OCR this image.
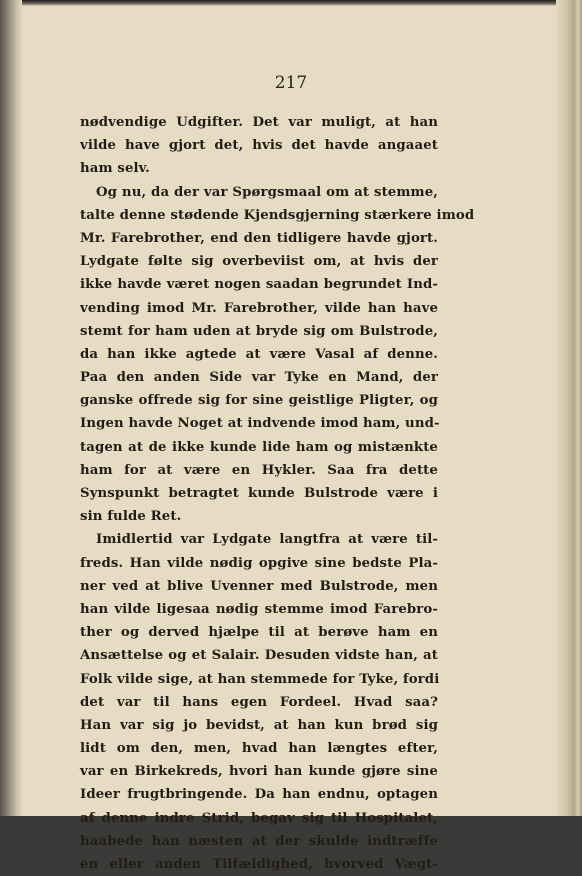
217
nødvendige Udgifter. Det var muligt, at han
vilde have gjort det, hvis det havde angaaet
ham selv.
Og nu, da der var Spørgsmaal om at stemme,
talte denne stødende Kjendsgjerning stærkere imod
Mr. Farebrother, end den tidligere havde gjort.
Lydgate følte sig overbeviist om, at hvis der
ikke havde været nogen saadan begrundet Ind-
vending imod Mr. Farebrother, vilde han have
stemt for ham uden at bryde sig om Bulstrode,
da han ikke agtede at være Vasal af denne.
Paa den anden Side var Tyke en Mand, der
ganske offrede sig for sine geistlige Pligter, og
Ingen havde Noget at indvende imod ham, und-
tagen at de ikke kunde lide ham og mistænkte
ham for at være en Hykler. Saa fra dette
Synspunkt betragtet kunde Bulstrode være i
sin fulde Ret.
Imidlertid var Lydgate langtfra at være til-
freds. Han vilde nødig opgive sine bedste Pla-
ner ved at blive Uvenner med Bulstrode, men
han vilde ligesaa nødig stemme imod Farebro-
ther og derved hjælpe til at berøve ham en
Ansættelse og et Salair. Desuden vidste han, at
Folk vilde sige, at han stemmede for Tyke, fordi
det var til hans egen Fordeel. Hvad saa?
Han var sig jo bevidst, at han kun brød sig
lidt om den, men, hvad han længtes efter,
var en Birkekreds, hvori han kunde gjøre sine
Ideer frugtbringende. Da han endnu, optagen
af denne indre Strid, begav sig til Hospitalet,
haabede han næsten at der skulde indtræffe
en eller anden Tilfældighed, hvorved Vægt-
